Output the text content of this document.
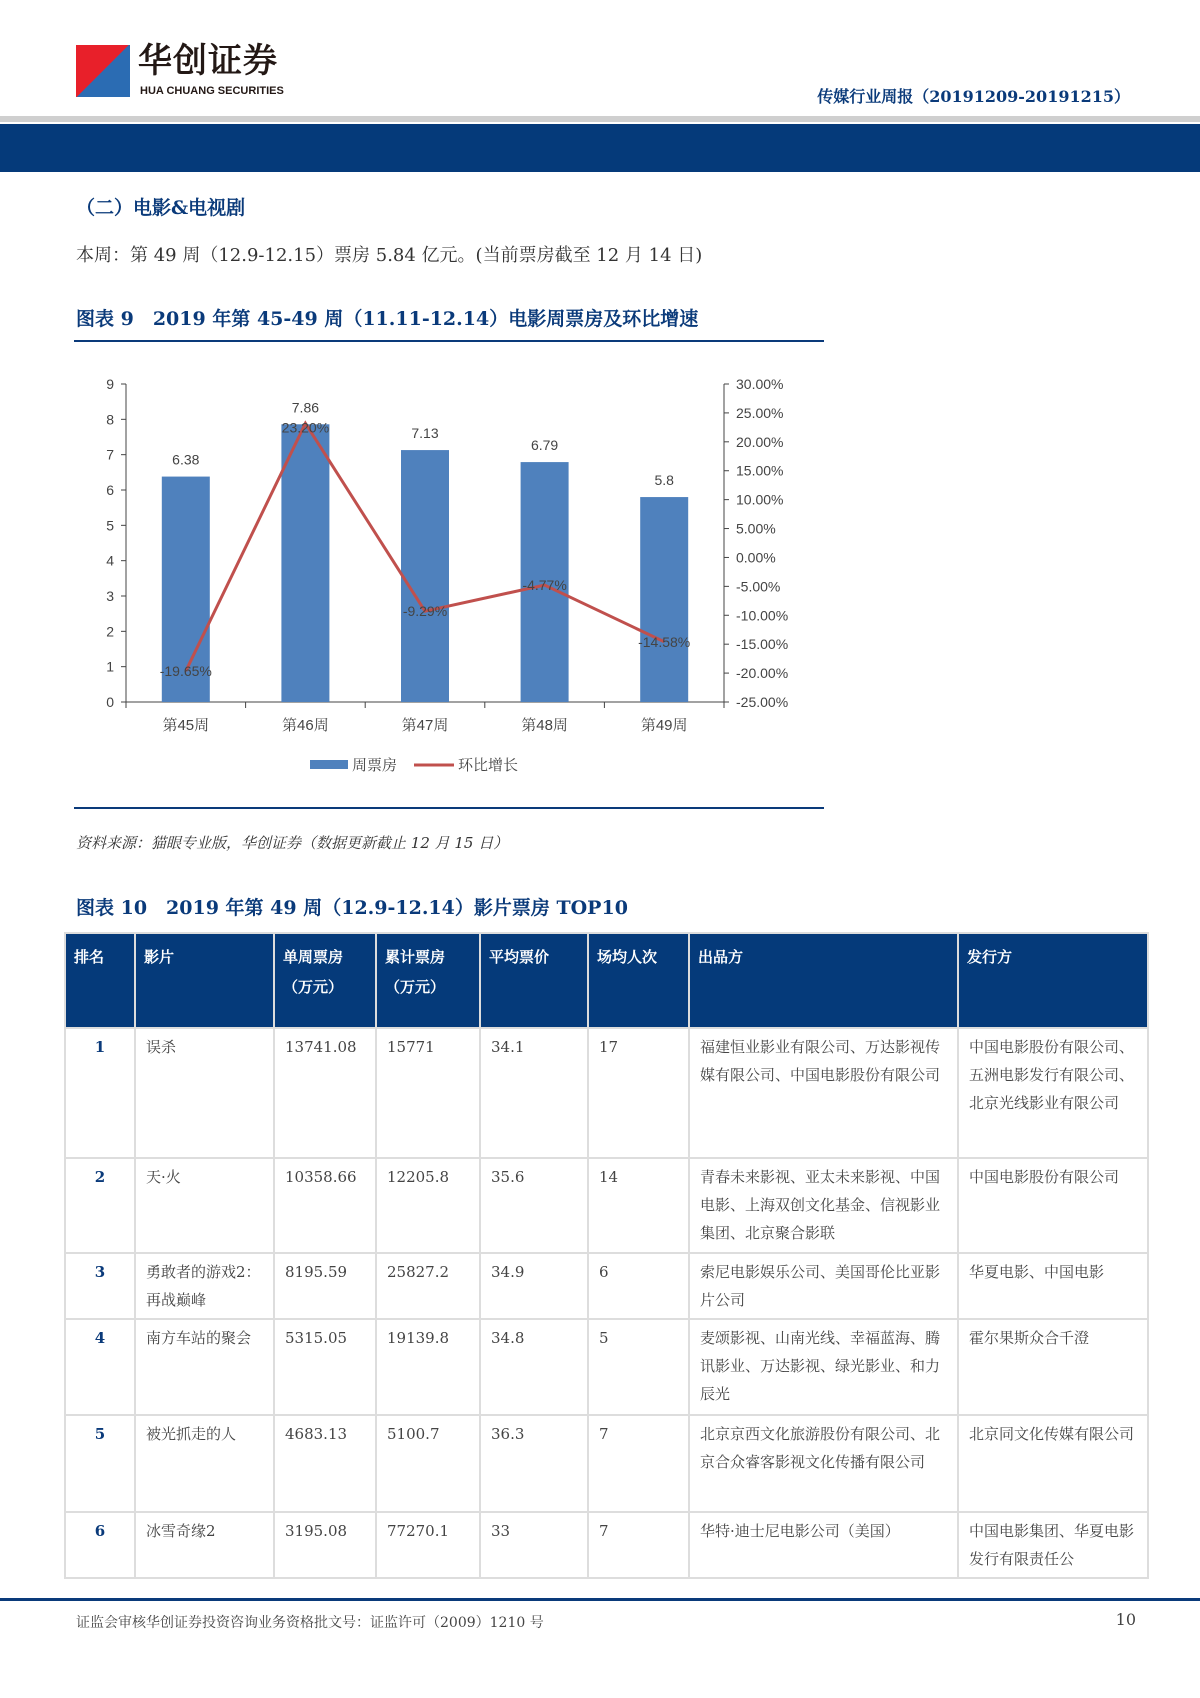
华创证券
HUA CHUANG SECURITIES	传媒行业周报（20191209-20191215）
（二）电影&电视剧
本周：第 49 周（12.9-12.15）票房 5.84 亿元。(当前票房截至 12 月 14 日)
图表 9　2019 年第 45-49 周（11.11-12.14）电影周票房及环比增速
0
1
2
3
4
5
6
7
8
9
-25.00%
-20.00%
-15.00%
-10.00%
-5.00%
0.00%
5.00%
10.00%
15.00%
20.00%
25.00%
30.00%
6.38
第45周
7.86
第46周
7.13
第47周
6.79
第48周
5.8
第49周
-19.65%
23.20%
-9.29%
-4.77%
-14.58%
周票房	环比增长
资料来源：猫眼专业版，华创证券（数据更新截止 12 月 15 日）
图表 10　2019 年第 49 周（12.9-12.14）影片票房 TOP10
排名	影片	单周票房（万元）	累计票房（万元）	平均票价	场均人次	出品方	发行方
1	误杀	13741.08	15771	34.1	17	福建恒业影业有限公司、万达影视传媒有限公司、中国电影股份有限公司	中国电影股份有限公司、五洲电影发行有限公司、北京光线影业有限公司
2	天·火	10358.66	12205.8	35.6	14	青春未来影视、亚太未来影视、中国电影、上海双创文化基金、信视影业集团、北京聚合影联	中国电影股份有限公司
3	勇敢者的游戏2：再战巅峰	8195.59	25827.2	34.9	6	索尼电影娱乐公司、美国哥伦比亚影片公司	华夏电影、中国电影
4	南方车站的聚会	5315.05	19139.8	34.8	5	麦颂影视、山南光线、幸福蓝海、腾讯影业、万达影视、绿光影业、和力辰光	霍尔果斯众合千澄
5	被光抓走的人	4683.13	5100.7	36.3	7	北京京西文化旅游股份有限公司、北京合众睿客影视文化传播有限公司	北京同文化传媒有限公司
6	冰雪奇缘2	3195.08	77270.1	33	7	华特·迪士尼电影公司（美国）	中国电影集团、华夏电影发行有限责任公
证监会审核华创证券投资咨询业务资格批文号：证监许可（2009）1210 号	10
